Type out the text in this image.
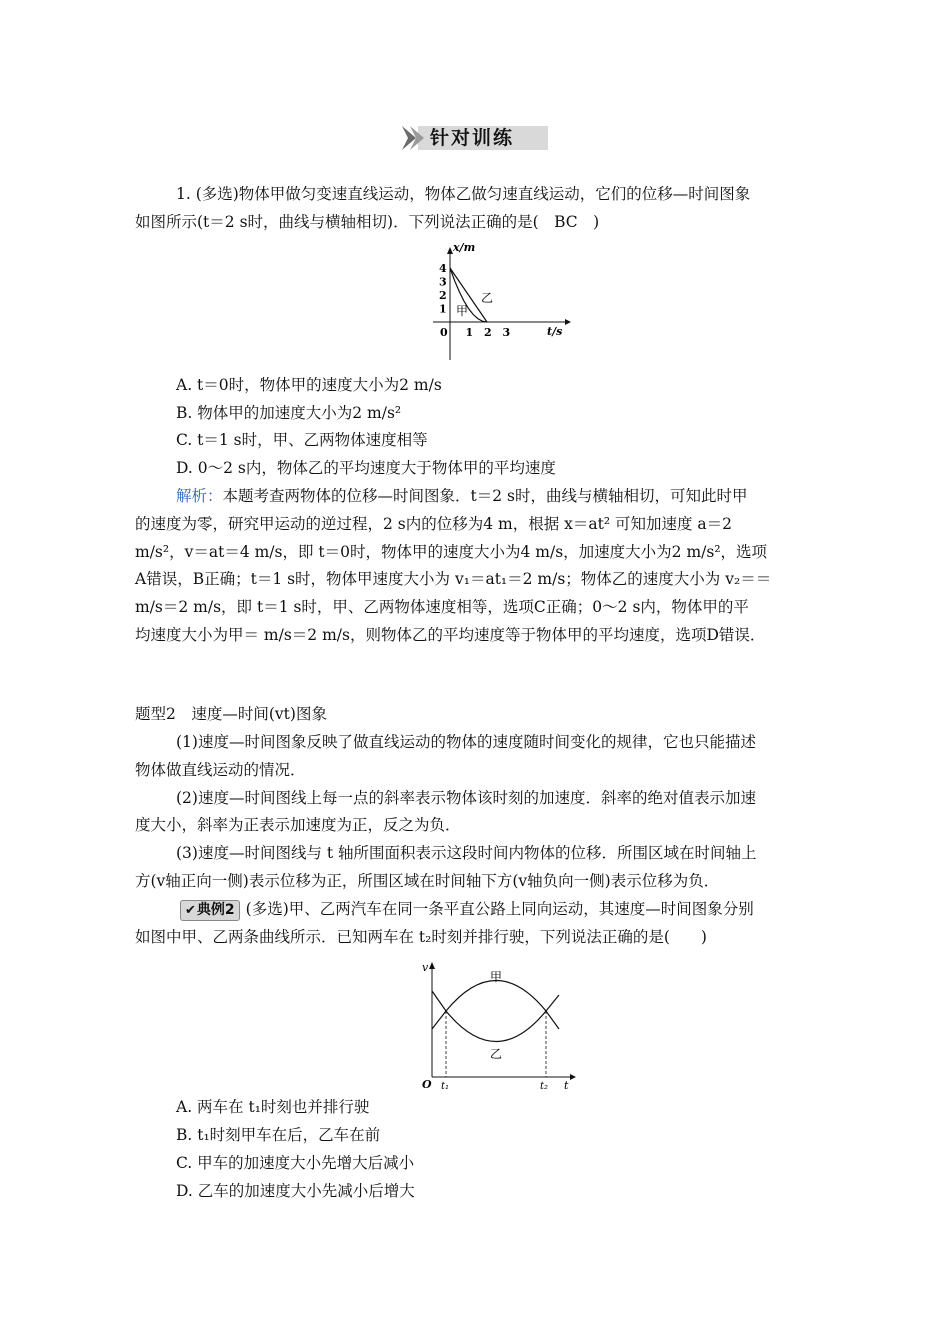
针对训练
1. (多选)物体甲做匀变速直线运动，物体乙做匀速直线运动，它们的位移—时间图象
如图所示(t＝2 s时，曲线与横轴相切)．下列说法正确的是(　BC　)
x/m
t/s
0 1 2 3
1
2
3
4
甲
乙
A. t＝0时，物体甲的速度大小为2 m/s
B. 物体甲的加速度大小为2 m/s²
C. t＝1 s时，甲、乙两物体速度相等
D. 0～2 s内，物体乙的平均速度大于物体甲的平均速度
解析：本题考查两物体的位移—时间图象．t＝2 s时，曲线与横轴相切，可知此时甲
的速度为零，研究甲运动的逆过程，2 s内的位移为4 m，根据 x＝at² 可知加速度 a＝2
m/s²，v＝at＝4 m/s，即 t＝0时，物体甲的速度大小为4 m/s，加速度大小为2 m/s²，选项
A错误，B正确；t＝1 s时，物体甲速度大小为 v₁＝at₁＝2 m/s；物体乙的速度大小为 v₂＝＝
m/s＝2 m/s，即 t＝1 s时，甲、乙两物体速度相等，选项C正确；0～2 s内，物体甲的平
均速度大小为甲＝ m/s＝2 m/s，则物体乙的平均速度等于物体甲的平均速度，选项D错误．
题型2　速度—时间(vt)图象
(1)速度—时间图象反映了做直线运动的物体的速度随时间变化的规律，它也只能描述
物体做直线运动的情况．
(2)速度—时间图线上每一点的斜率表示物体该时刻的加速度．斜率的绝对值表示加速
度大小，斜率为正表示加速度为正，反之为负．
(3)速度—时间图线与 t 轴所围面积表示这段时间内物体的位移．所围区域在时间轴上
方(v轴正向一侧)表示位移为正，所围区域在时间轴下方(v轴负向一侧)表示位移为负．
✔典例2 (多选)甲、乙两汽车在同一条平直公路上同向运动，其速度—时间图象分别
如图中甲、乙两条曲线所示．已知两车在 t₂时刻并排行驶，下列说法正确的是(　　)
v
t
O t₁	t₂
甲
乙
A. 两车在 t₁时刻也并排行驶
B. t₁时刻甲车在后，乙车在前
C. 甲车的加速度大小先增大后减小
D. 乙车的加速度大小先减小后增大
